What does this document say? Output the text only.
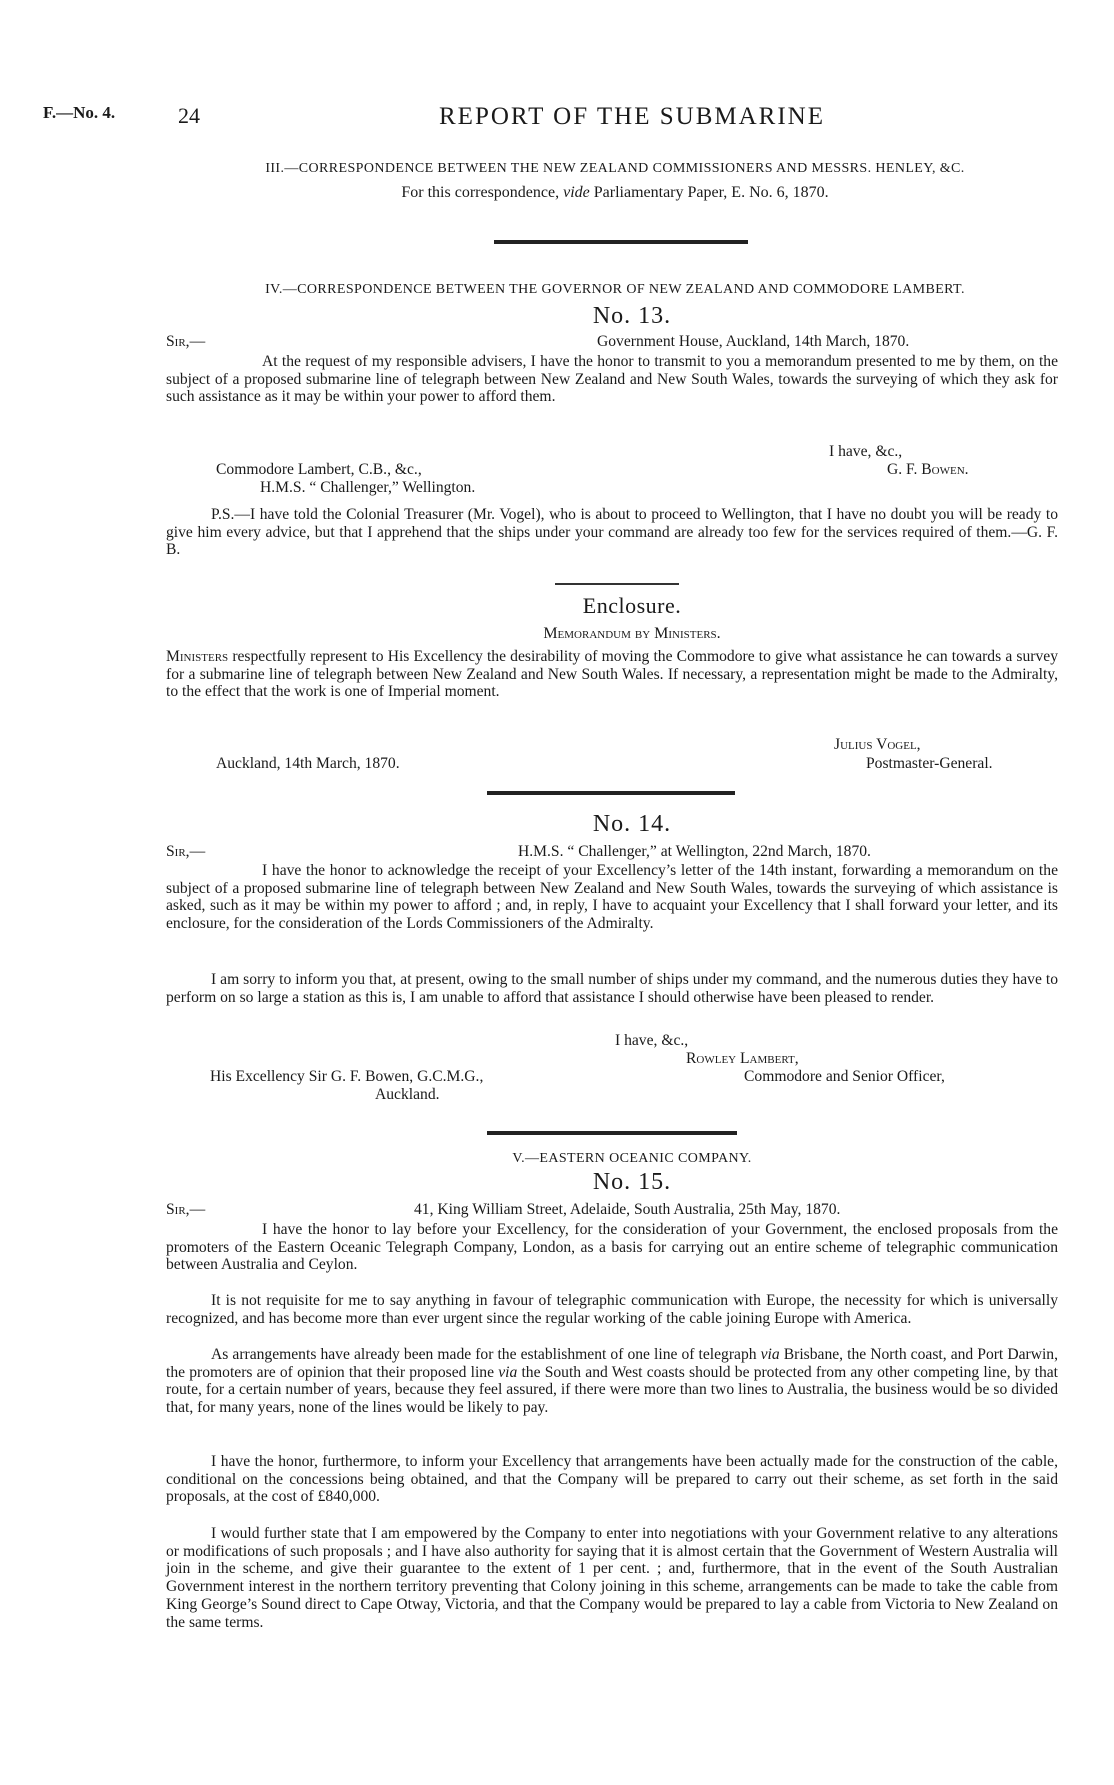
F.—No. 4.	24	REPORT OF THE SUBMARINE
III.—CORRESPONDENCE BETWEEN THE NEW ZEALAND COMMISSIONERS AND MESSRS. HENLEY, &C.
For this correspondence, vide Parliamentary Paper, E. No. 6, 1870.
IV.—CORRESPONDENCE BETWEEN THE GOVERNOR OF NEW ZEALAND AND COMMODORE LAMBERT.
No. 13.
Sir,—	Government House, Auckland, 14th March, 1870.
At the request of my responsible advisers, I have the honor to transmit to you a memorandum presented to me by them, on the subject of a proposed submarine line of telegraph between New Zealand and New South Wales, towards the surveying of which they ask for such assistance as it may be within your power to afford them.
I have, &c.,
Commodore Lambert, C.B., &c.,	G. F. Bowen.
H.M.S. “ Challenger,” Wellington.
P.S.—I have told the Colonial Treasurer (Mr. Vogel), who is about to proceed to Wellington, that I have no doubt you will be ready to give him every advice, but that I apprehend that the ships under your command are already too few for the services required of them.—G. F. B.
Enclosure.
Memorandum by Ministers.
Ministers respectfully represent to His Excellency the desirability of moving the Commodore to give what assistance he can towards a survey for a submarine line of telegraph between New Zealand and New South Wales. If necessary, a representation might be made to the Admiralty, to the effect that the work is one of Imperial moment.
Julius Vogel,
Auckland, 14th March, 1870.	Postmaster-General.
No. 14.
Sir,—	H.M.S. “ Challenger,” at Wellington, 22nd March, 1870.
I have the honor to acknowledge the receipt of your Excellency’s letter of the 14th instant, forwarding a memorandum on the subject of a proposed submarine line of telegraph between New Zealand and New South Wales, towards the surveying of which assistance is asked, such as it may be within my power to afford ; and, in reply, I have to acquaint your Excellency that I shall forward your letter, and its enclosure, for the consideration of the Lords Commissioners of the Admiralty.
I am sorry to inform you that, at present, owing to the small number of ships under my command, and the numerous duties they have to perform on so large a station as this is, I am unable to afford that assistance I should otherwise have been pleased to render.
I have, &c.,
Rowley Lambert,
His Excellency Sir G. F. Bowen, G.C.M.G.,	Commodore and Senior Officer,
Auckland.
V.—EASTERN OCEANIC COMPANY.
No. 15.
Sir,—	41, King William Street, Adelaide, South Australia, 25th May, 1870.
I have the honor to lay before your Excellency, for the consideration of your Government, the enclosed proposals from the promoters of the Eastern Oceanic Telegraph Company, London, as a basis for carrying out an entire scheme of telegraphic communication between Australia and Ceylon.
It is not requisite for me to say anything in favour of telegraphic communication with Europe, the necessity for which is universally recognized, and has become more than ever urgent since the regular working of the cable joining Europe with America.
As arrangements have already been made for the establishment of one line of telegraph via Brisbane, the North coast, and Port Darwin, the promoters are of opinion that their proposed line via the South and West coasts should be protected from any other competing line, by that route, for a certain number of years, because they feel assured, if there were more than two lines to Australia, the business would be so divided that, for many years, none of the lines would be likely to pay.
I have the honor, furthermore, to inform your Excellency that arrangements have been actually made for the construction of the cable, conditional on the concessions being obtained, and that the Company will be prepared to carry out their scheme, as set forth in the said proposals, at the cost of £840,000.
I would further state that I am empowered by the Company to enter into negotiations with your Government relative to any alterations or modifications of such proposals ; and I have also authority for saying that it is almost certain that the Government of Western Australia will join in the scheme, and give their guarantee to the extent of 1 per cent. ; and, furthermore, that in the event of the South Australian Government interest in the northern territory preventing that Colony joining in this scheme, arrangements can be made to take the cable from King George’s Sound direct to Cape Otway, Victoria, and that the Company would be prepared to lay a cable from Victoria to New Zealand on the same terms.
